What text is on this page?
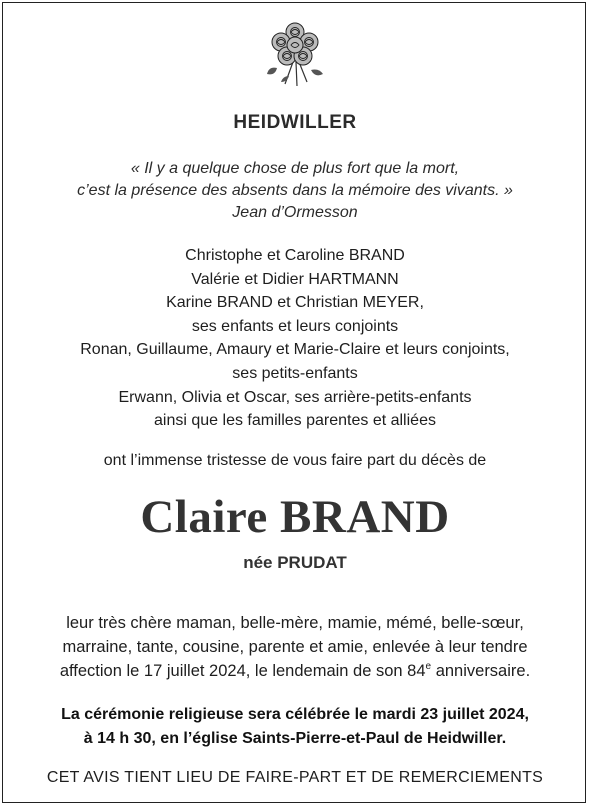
HEIDWILLER
« Il y a quelque chose de plus fort que la mort,
c’est la présence des absents dans la mémoire des vivants. »
Jean d’Ormesson
Christophe et Caroline BRAND
Valérie et Didier HARTMANN
Karine BRAND et Christian MEYER,
ses enfants et leurs conjoints
Ronan, Guillaume, Amaury et Marie-Claire et leurs conjoints,
ses petits-enfants
Erwann, Olivia et Oscar, ses arrière-petits-enfants
ainsi que les familles parentes et alliées
ont l’immense tristesse de vous faire part du décès de
Claire BRAND
née PRUDAT
leur très chère maman, belle-mère, mamie, mémé, belle-sœur,
marraine, tante, cousine, parente et amie, enlevée à leur tendre
affection le 17 juillet 2024, le lendemain de son 84e anniversaire.
La cérémonie religieuse sera célébrée le mardi 23 juillet 2024,
à 14 h 30, en l’église Saints-Pierre-et-Paul de Heidwiller.
CET AVIS TIENT LIEU DE FAIRE-PART ET DE REMERCIEMENTS
